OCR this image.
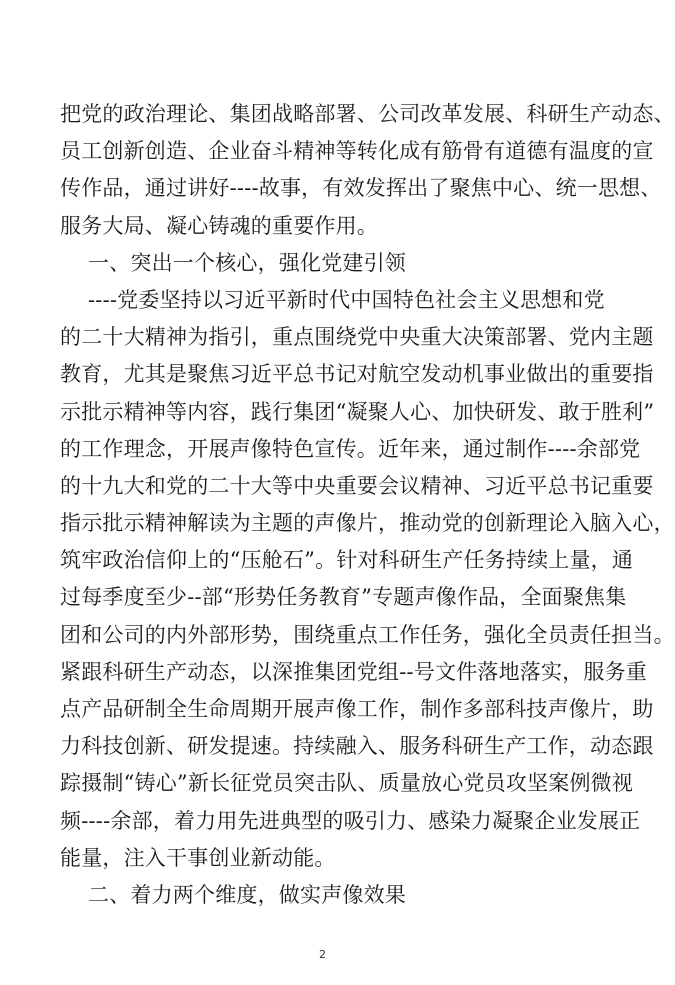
把党的政治理论、集团战略部署、公司改革发展、科研生产动态、
员工创新创造、企业奋斗精神等转化成有筋骨有道德有温度的宣
传作品，通过讲好----故事，有效发挥出了聚焦中心、统一思想、
服务大局、凝心铸魂的重要作用。
一、突出一个核心，强化党建引领
----党委坚持以习近平新时代中国特色社会主义思想和党
的二十大精神为指引，重点围绕党中央重大决策部署、党内主题
教育，尤其是聚焦习近平总书记对航空发动机事业做出的重要指
示批示精神等内容，践行集团“凝聚人心、加快研发、敢于胜利”
的工作理念，开展声像特色宣传。近年来，通过制作----余部党
的十九大和党的二十大等中央重要会议精神、习近平总书记重要
指示批示精神解读为主题的声像片，推动党的创新理论入脑入心，
筑牢政治信仰上的“压舱石”。针对科研生产任务持续上量，通
过每季度至少--部“形势任务教育”专题声像作品，全面聚焦集
团和公司的内外部形势，围绕重点工作任务，强化全员责任担当。
紧跟科研生产动态，以深推集团党组--号文件落地落实，服务重
点产品研制全生命周期开展声像工作，制作多部科技声像片，助
力科技创新、研发提速。持续融入、服务科研生产工作，动态跟
踪摄制“铸心”新长征党员突击队、质量放心党员攻坚案例微视
频----余部，着力用先进典型的吸引力、感染力凝聚企业发展正
能量，注入干事创业新动能。
二、着力两个维度，做实声像效果
2
